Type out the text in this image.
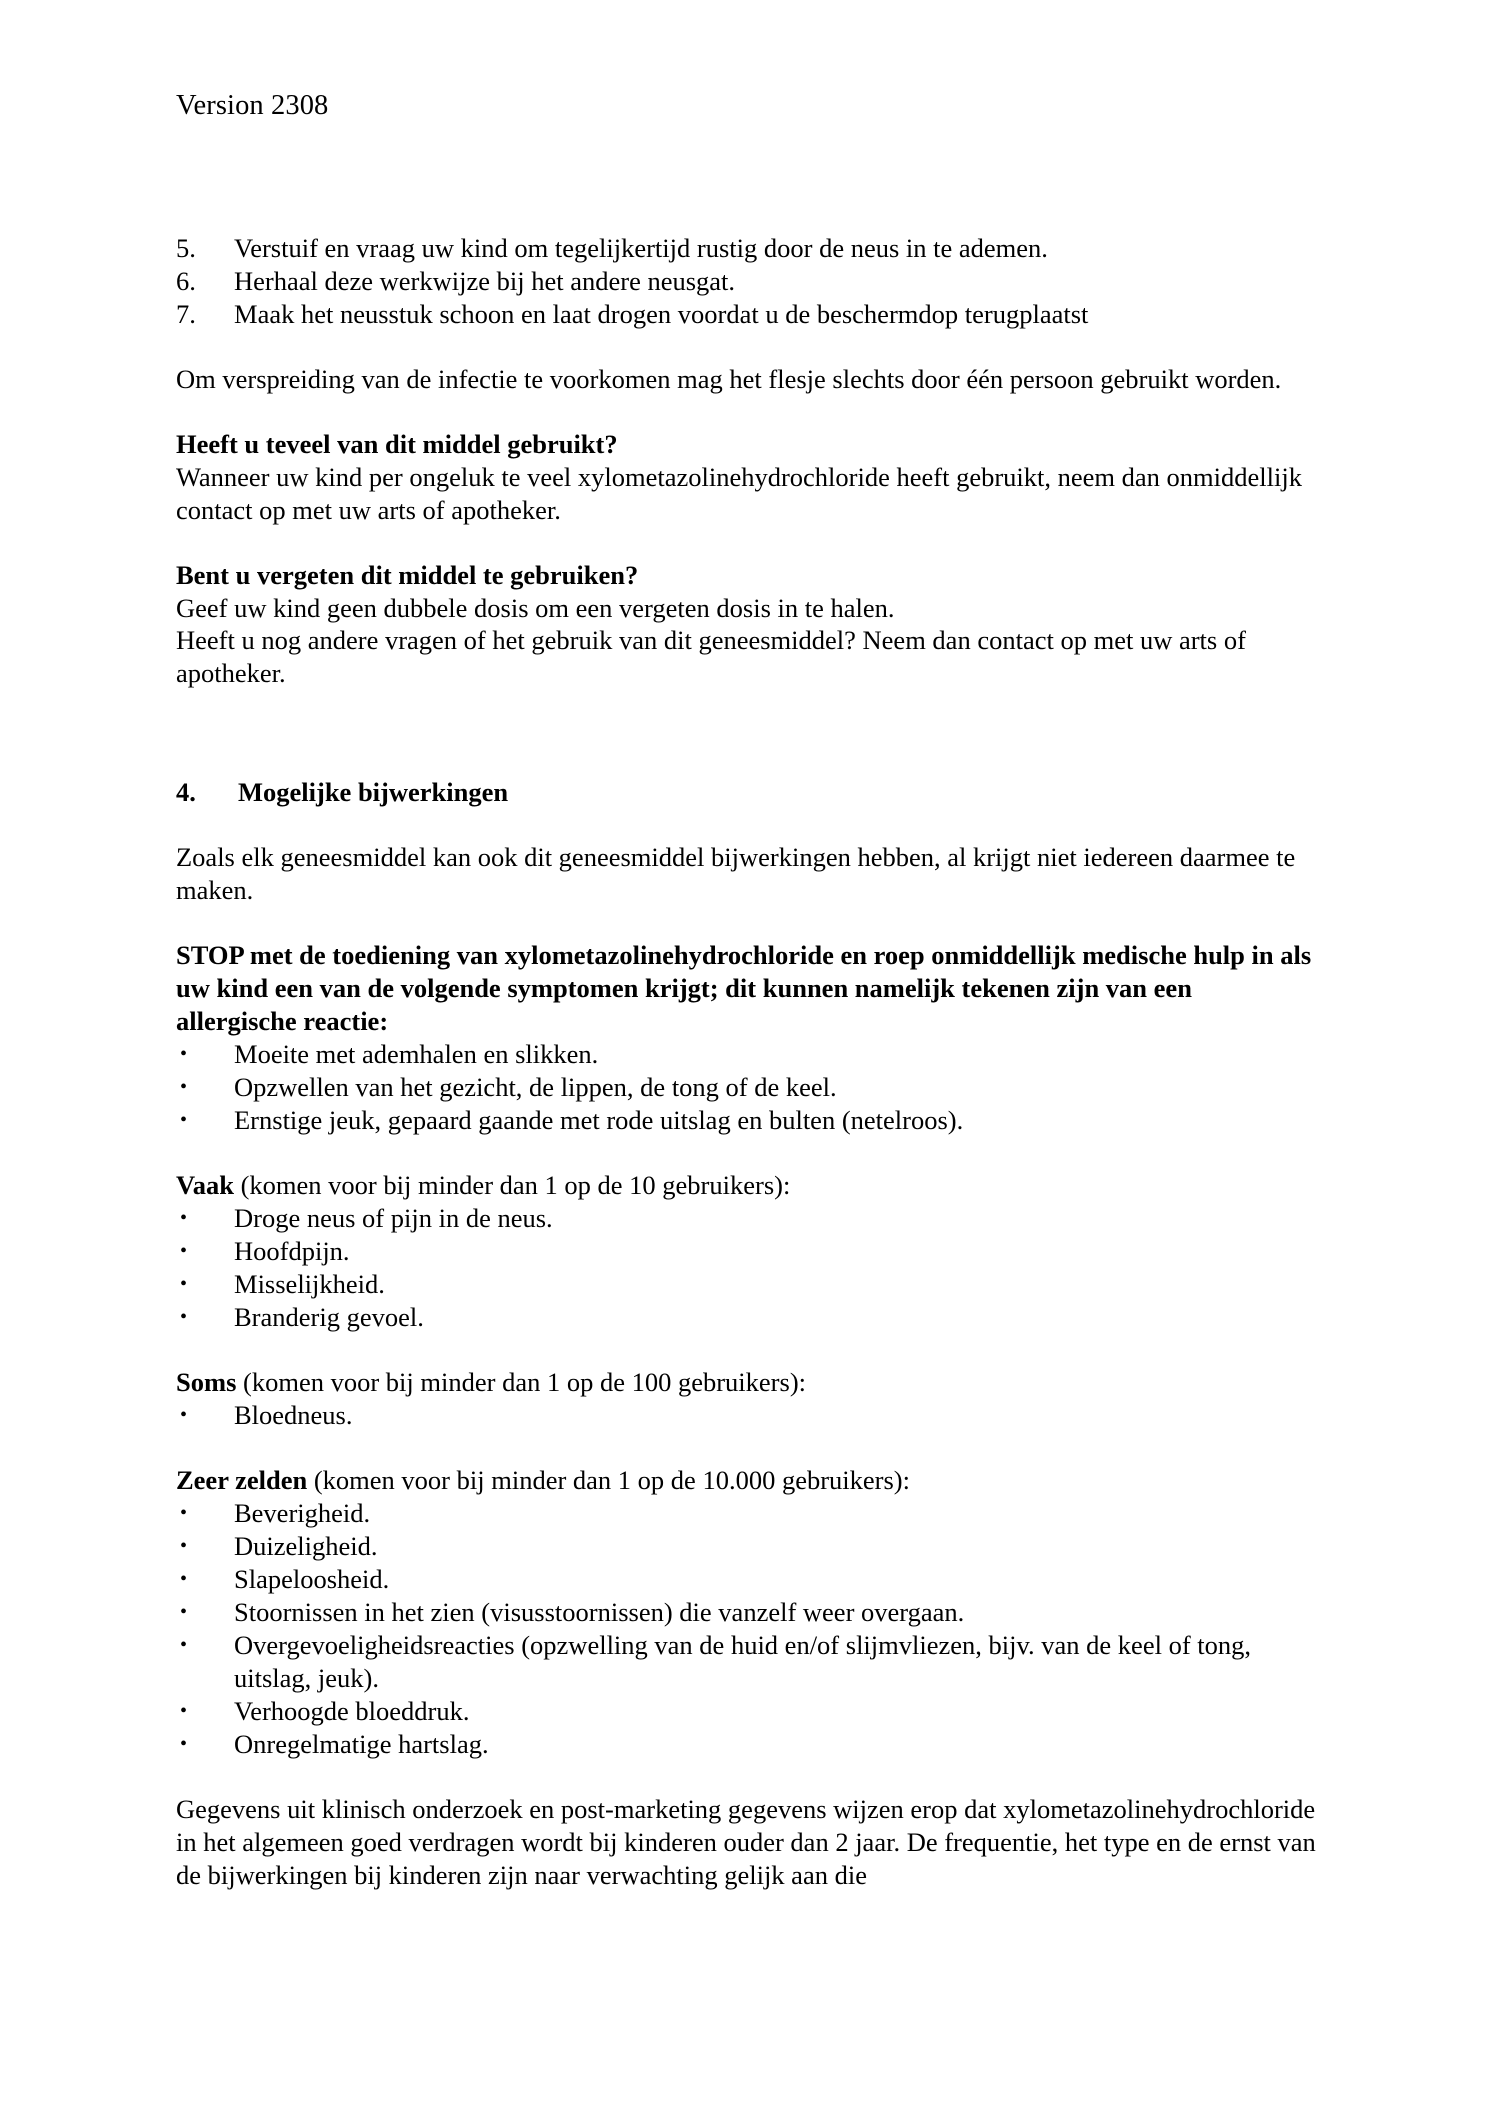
Version 2308
5.	Verstuif en vraag uw kind om tegelijkertijd rustig door de neus in te ademen.
6.	Herhaal deze werkwijze bij het andere neusgat.
7.	Maak het neusstuk schoon en laat drogen voordat u de beschermdop terugplaatst

Om verspreiding van de infectie te voorkomen mag het flesje slechts door één persoon gebruikt worden.

Heeft u teveel van dit middel gebruikt?

Wanneer uw kind per ongeluk te veel xylometazolinehydrochloride heeft gebruikt, neem dan onmiddellijk contact op met uw arts of apotheker.

Bent u vergeten dit middel te gebruiken?

Geef uw kind geen dubbele dosis om een vergeten dosis in te halen.

Heeft u nog andere vragen of het gebruik van dit geneesmiddel? Neem dan contact op met uw arts of apotheker.

4.	Mogelijke bijwerkingen

Zoals elk geneesmiddel kan ook dit geneesmiddel bijwerkingen hebben, al krijgt niet iedereen daarmee te maken.

STOP met de toediening van xylometazolinehydrochloride en roep onmiddellijk medische hulp in als uw kind een van de volgende symptomen krijgt; dit kunnen namelijk tekenen zijn van een allergische reactie:

•	Moeite met ademhalen en slikken.
•	Opzwellen van het gezicht, de lippen, de tong of de keel.
•	Ernstige jeuk, gepaard gaande met rode uitslag en bulten (netelroos).

Vaak (komen voor bij minder dan 1 op de 10 gebruikers):

•	Droge neus of pijn in de neus.
•	Hoofdpijn.
•	Misselijkheid.
•	Branderig gevoel.

Soms (komen voor bij minder dan 1 op de 100 gebruikers):

•	Bloedneus.

Zeer zelden (komen voor bij minder dan 1 op de 10.000 gebruikers):

•	Beverigheid.
•	Duizeligheid.
•	Slapeloosheid.
•	Stoornissen in het zien (visusstoornissen) die vanzelf weer overgaan.
•	Overgevoeligheidsreacties (opzwelling van de huid en/of slijmvliezen, bijv. van de keel of tong, uitslag, jeuk).
•	Verhoogde bloeddruk.
•	Onregelmatige hartslag.

Gegevens uit klinisch onderzoek en post-marketing gegevens wijzen erop dat xylometazolinehydrochloride in het algemeen goed verdragen wordt bij kinderen ouder dan 2 jaar. De frequentie, het type en de ernst van de bijwerkingen bij kinderen zijn naar verwachting gelijk aan die
